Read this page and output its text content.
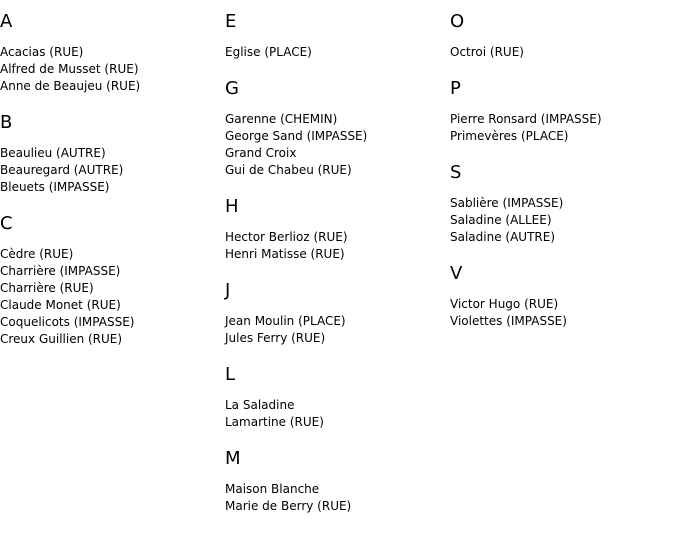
A
Acacias (RUE)
Alfred de Musset (RUE)
Anne de Beaujeu (RUE)
B
Beaulieu (AUTRE)
Beauregard (AUTRE)
Bleuets (IMPASSE)
C
Cèdre (RUE)
Charrière (IMPASSE)
Charrière (RUE)
Claude Monet (RUE)
Coquelicots (IMPASSE)
Creux Guillien (RUE)
E
Eglise (PLACE)
G
Garenne (CHEMIN)
George Sand (IMPASSE)
Grand Croix
Gui de Chabeu (RUE)
H
Hector Berlioz (RUE)
Henri Matisse (RUE)
J
Jean Moulin (PLACE)
Jules Ferry (RUE)
L
La Saladine
Lamartine (RUE)
M
Maison Blanche
Marie de Berry (RUE)
O
Octroi (RUE)
P
Pierre Ronsard (IMPASSE)
Primevères (PLACE)
S
Sablière (IMPASSE)
Saladine (ALLEE)
Saladine (AUTRE)
V
Victor Hugo (RUE)
Violettes (IMPASSE)
